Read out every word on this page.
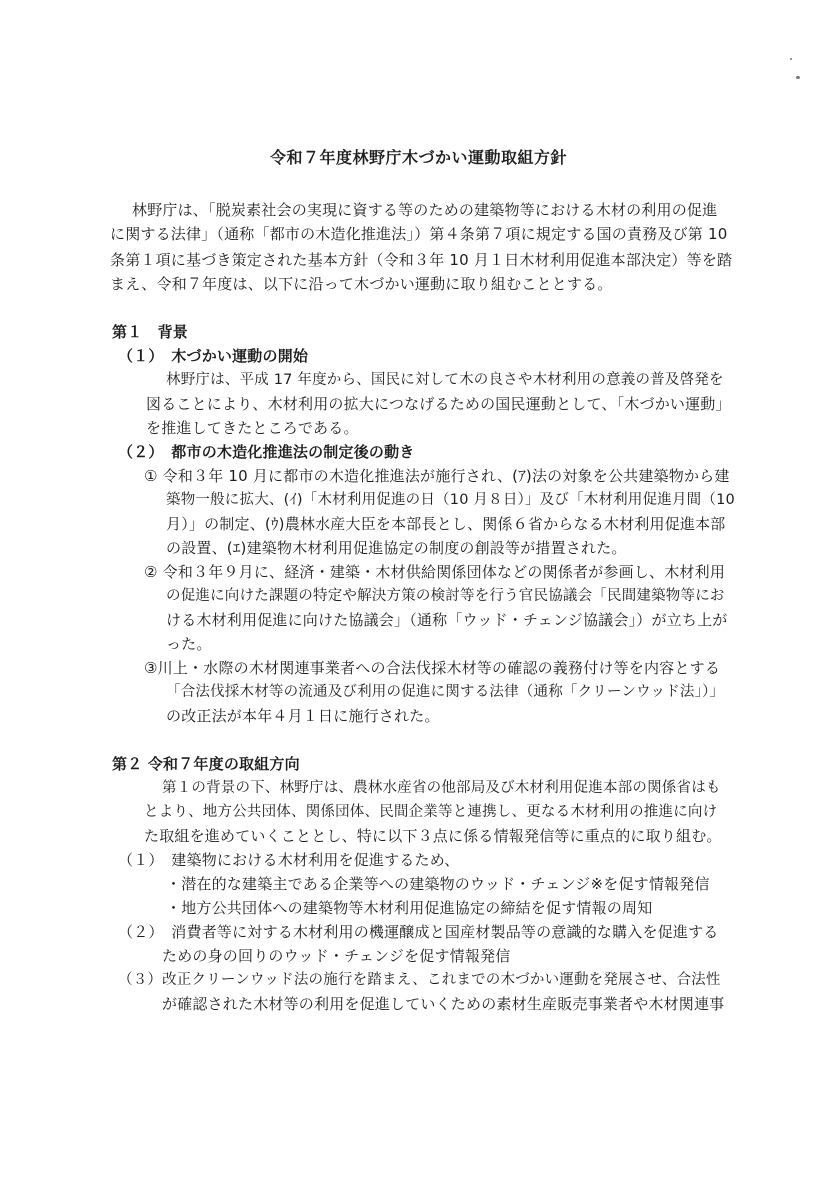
令和７年度林野庁木づかい運動取組方針
林野庁は、「脱炭素社会の実現に資する等のための建築物等における木材の利用の促進
に関する法律」（通称「都市の木造化推進法」）第４条第７項に規定する国の責務及び第 10
条第１項に基づき策定された基本方針（令和３年 10 月１日木材利用促進本部決定）等を踏
まえ、令和７年度は、以下に沿って木づかい運動に取り組むこととする。
第１　背景
（１）　木づかい運動の開始
林野庁は、平成 17 年度から、国民に対して木の良さや木材利用の意義の普及啓発を
図ることにより、木材利用の拡大につなげるための国民運動として、「木づかい運動」
を推進してきたところである。
（２）　都市の木造化推進法の制定後の動き
① 令和３年 10 月に都市の木造化推進法が施行され、(ｱ)法の対象を公共建築物から建
築物一般に拡大、(ｲ)「木材利用促進の日（10 月８日）」及び「木材利用促進月間（10
月）」の制定、(ｳ)農林水産大臣を本部長とし、関係６省からなる木材利用促進本部
の設置、(ｴ)建築物木材利用促進協定の制度の創設等が措置された。
② 令和３年９月に、経済・建築・木材供給関係団体などの関係者が参画し、木材利用
の促進に向けた課題の特定や解決方策の検討等を行う官民協議会「民間建築物等にお
ける木材利用促進に向けた協議会」（通称「ウッド・チェンジ協議会」）が立ち上が
った。
③川上・水際の木材関連事業者への合法伐採木材等の確認の義務付け等を内容とする
「合法伐採木材等の流通及び利用の促進に関する法律（通称「クリーンウッド法」）」
の改正法が本年４月１日に施行された。
第２ 令和７年度の取組方向
第１の背景の下、林野庁は、農林水産省の他部局及び木材利用促進本部の関係省はも
とより、地方公共団体、関係団体、民間企業等と連携し、更なる木材利用の推進に向け
た取組を進めていくこととし、特に以下３点に係る情報発信等に重点的に取り組む。
（１）　建築物における木材利用を促進するため、
・潜在的な建築主である企業等への建築物のウッド・チェンジ※を促す情報発信
・地方公共団体への建築物等木材利用促進協定の締結を促す情報の周知
（２）　消費者等に対する木材利用の機運醸成と国産材製品等の意識的な購入を促進する
ための身の回りのウッド・チェンジを促す情報発信
（３）改正クリーンウッド法の施行を踏まえ、これまでの木づかい運動を発展させ、合法性
が確認された木材等の利用を促進していくための素材生産販売事業者や木材関連事
